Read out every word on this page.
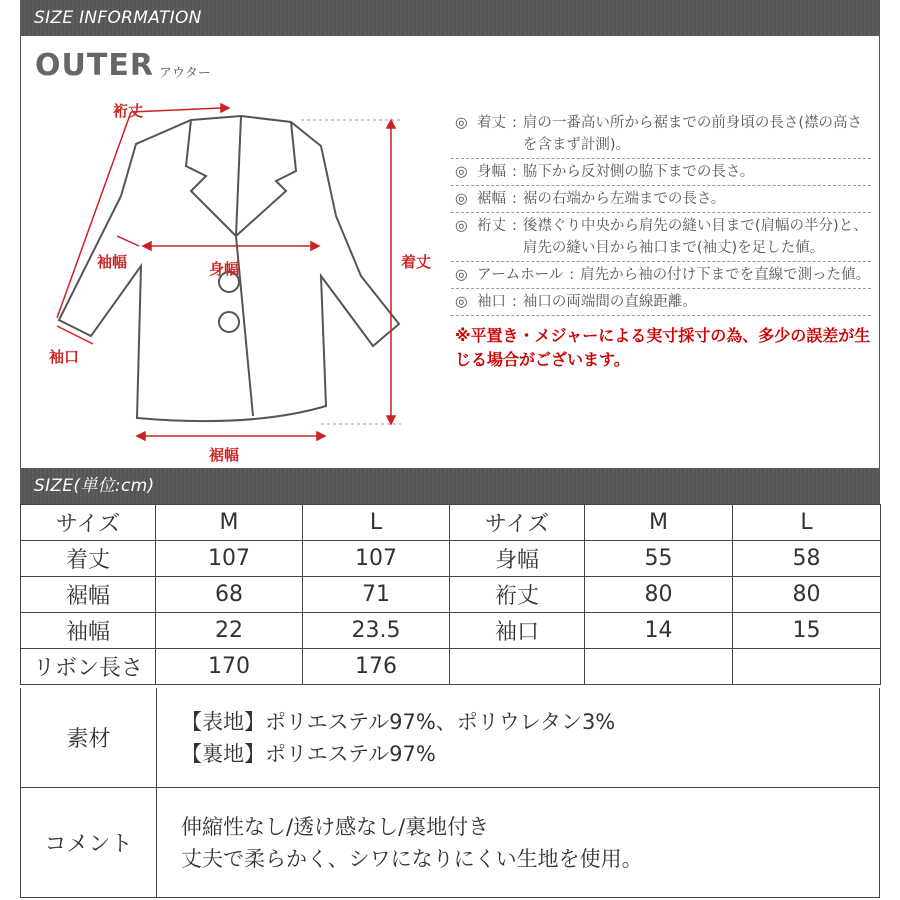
SIZE INFORMATION
OUTER アウター
裄丈
袖幅	身幅	着丈
袖口
裾幅
◎ 着丈 : 肩の一番高い所から裾までの前身頃の長さ(襟の高さを含まず計測)。
◎ 身幅 : 脇下から反対側の脇下までの長さ。
◎ 裾幅 : 裾の右端から左端までの長さ。
◎ 裄丈 : 後襟ぐり中央から肩先の縫い目まで(肩幅の半分)と、肩先の縫い目から袖口まで(袖丈)を足した値。
◎ アームホール : 肩先から袖の付け下までを直線で測った値。
◎ 袖口 : 袖口の両端間の直線距離。
※平置き・メジャーによる実寸採寸の為、多少の誤差が生じる場合がございます。
SIZE(単位:cm)
サイズ	M	L	サイズ	M	L
着丈	107	107	身幅	55	58
裾幅	68	71	裄丈	80	80
袖幅	22	23.5	袖口	14	15
リボン長さ	170	176			
素材
【表地】ポリエステル97%、ポリウレタン3%
【裏地】ポリエステル97%
コメント
伸縮性なし/透け感なし/裏地付き
丈夫で柔らかく、シワになりにくい生地を使用。
